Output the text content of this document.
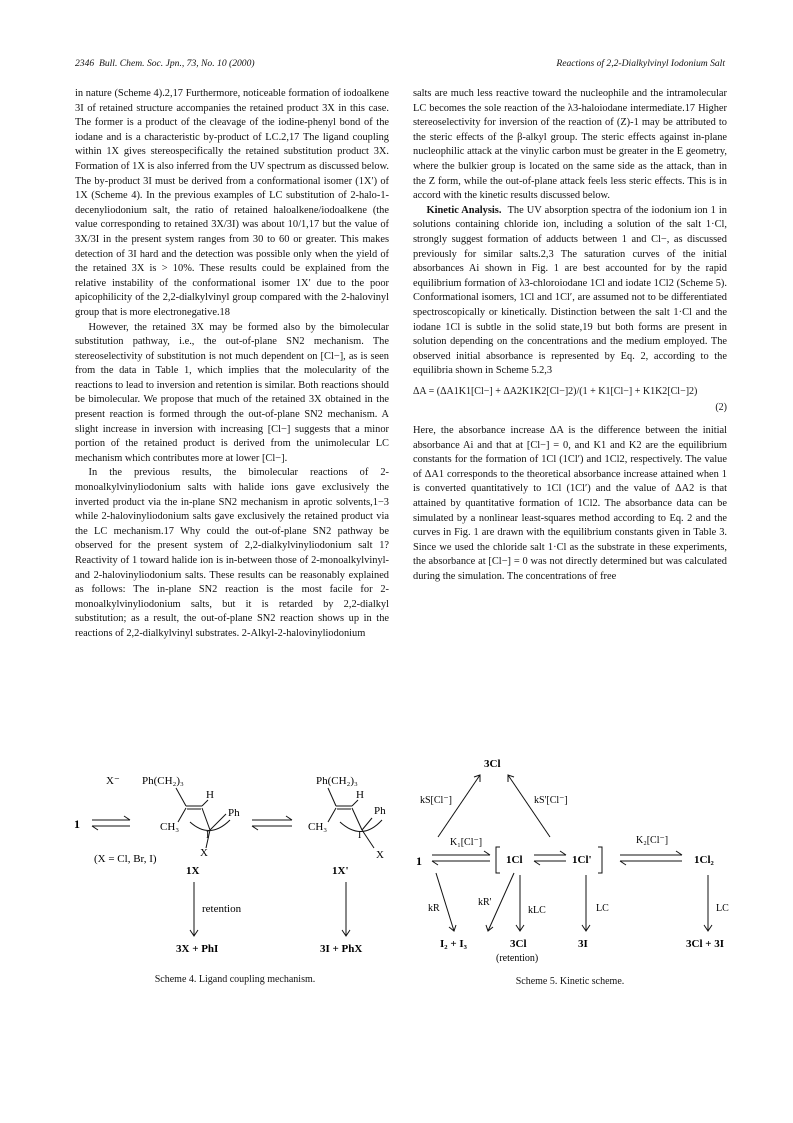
2346 Bull. Chem. Soc. Jpn., 73, No. 10 (2000)	Reactions of 2,2-Dialkylvinyl Iodonium Salt

in nature (Scheme 4).2,17 Furthermore, noticeable formation of iodoalkene 3I of retained structure accompanies the retained product 3X in this case. The former is a product of the cleavage of the iodine-phenyl bond of the iodane and is a characteristic by-product of LC.2,17 The ligand coupling within 1X gives stereospecifically the retained substitution product 3X. Formation of 1X is also inferred from the UV spectrum as discussed below. The by-product 3I must be derived from a conformational isomer (1X′) of 1X (Scheme 4). In the previous examples of LC substitution of 2-halo-1-decenyliodonium salt, the ratio of retained haloalkene/iodoalkene (the value corresponding to retained 3X/3I) was about 10/1,17 but the value of 3X/3I in the present system ranges from 30 to 60 or greater. This makes detection of 3I hard and the detection was possible only when the yield of the retained 3X is > 10%. These results could be explained from the relative instability of the conformational isomer 1X′ due to the poor apicophilicity of the 2,2-dialkylvinyl group compared with the 2-halovinyl group that is more electronegative.18

However, the retained 3X may be formed also by the bimolecular substitution pathway, i.e., the out-of-plane SN2 mechanism. The stereoselectivity of substitution is not much dependent on [Cl−], as is seen from the data in Table 1, which implies that the molecularity of the reactions to lead to inversion and retention is similar. Both reactions should be bimolecular. We propose that much of the retained 3X obtained in the present reaction is formed through the out-of-plane SN2 mechanism. A slight increase in inversion with increasing [Cl−] suggests that a minor portion of the retained product is derived from the unimolecular LC mechanism which contributes more at lower [Cl−].

In the previous results, the bimolecular reactions of 2-monoalkylvinyliodonium salts with halide ions gave exclusively the inverted product via the in-plane SN2 mechanism in aprotic solvents,1−3 while 2-halovinyliodonium salts gave exclusively the retained product via the LC mechanism.17 Why could the out-of-plane SN2 pathway be observed for the present system of 2,2-dialkylvinyliodonium salt 1? Reactivity of 1 toward halide ion is in-between those of 2-monoalkylvinyl- and 2-halovinyliodonium salts. These results can be reasonably explained as follows: The in-plane SN2 reaction is the most facile for 2-monoalkylvinyliodonium salts, but it is retarded by 2,2-dialkyl substitution; as a result, the out-of-plane SN2 reaction shows up in the reactions of 2,2-dialkylvinyl substrates. 2-Alkyl-2-halovinyliodonium

salts are much less reactive toward the nucleophile and the intramolecular LC becomes the sole reaction of the λ3-haloiodane intermediate.17 Higher stereoselectivity for inversion of the reaction of (Z)-1 may be attributed to the steric effects of the β-alkyl group. The steric effects against in-plane nucleophilic attack at the vinylic carbon must be greater in the E geometry, where the bulkier group is located on the same side as the attack, than in the Z form, while the out-of-plane attack feels less steric effects. This is in accord with the kinetic results discussed below.

Kinetic Analysis. The UV absorption spectra of the iodonium ion 1 in solutions containing chloride ion, including a solution of the salt 1·Cl, strongly suggest formation of adducts between 1 and Cl−, as discussed previously for similar salts.2,3 The saturation curves of the initial absorbances Ai shown in Fig. 1 are best accounted for by the rapid equilibrium formation of λ3-chloroiodane 1Cl and iodate 1Cl2 (Scheme 5). Conformational isomers, 1Cl and 1Cl′, are assumed not to be differentiated spectroscopically or kinetically. Distinction between the salt 1·Cl and the iodane 1Cl is subtle in the solid state,19 but both forms are present in solution depending on the concentrations and the medium employed. The observed initial absorbance is represented by Eq. 2, according to the equilibria shown in Scheme 5.2,3

ΔA = (ΔA1K1[Cl−] + ΔA2K1K2[Cl−]2)/(1 + K1[Cl−] + K1K2[Cl−]2)
(2)

Here, the absorbance increase ΔA is the difference between the initial absorbance Ai and that at [Cl−] = 0, and K1 and K2 are the equilibrium constants for the formation of 1Cl (1Cl′) and 1Cl2, respectively. The value of ΔA1 corresponds to the theoretical absorbance increase attained when 1 is converted quantitatively to 1Cl (1Cl′) and the value of ΔA2 is that attained by quantitative formation of 1Cl2. The absorbance data can be simulated by a nonlinear least-squares method according to Eq. 2 and the curves in Fig. 1 are drawn with the equilibrium constants given in Table 3. Since we used the chloride salt 1·Cl as the substrate in these experiments, the absorbance at [Cl−] = 0 was not directly determined but was calculated during the simulation. The concentrations of free

X⁻
1
Ph(CH₂)₃
H
Ph
CH₃
I
X
1X
(X = Cl, Br, I)
Ph(CH₂)₃
H
Ph
CH₃
I
X
1X'
retention
3X + PhI	3I + PhX
Scheme 4. Ligand coupling mechanism.
3Cl
kS[Cl⁻]	kS'[Cl⁻]
1
K₁[Cl⁻]
1Cl	1Cl'
K₂[Cl⁻]
1Cl₂
kR
kR'
kLC	LC	LC
I₂ + I₃	3Cl
(retention)
3I	3Cl + 3I
Scheme 5. Kinetic scheme.
